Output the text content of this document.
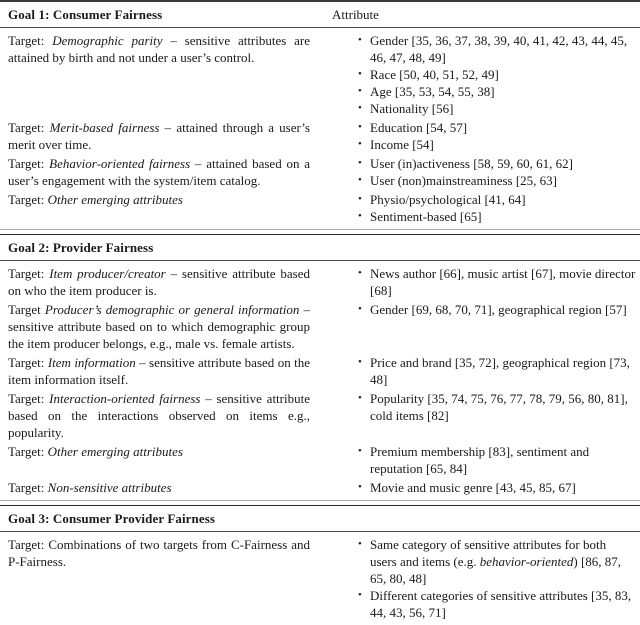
Goal 1: Consumer Fairness	Attribute

Target: Demographic parity – sensitive attributes are attained by birth and not under a user’s control.

• Gender [35, 36, 37, 38, 39, 40, 41, 42, 43, 44, 45, 46, 47, 48, 49]
• Race [50, 40, 51, 52, 49]
• Age [35, 53, 54, 55, 38]
• Nationality [56]

Target: Merit-based fairness – attained through a user’s merit over time.

• Education [54, 57]
• Income [54]

Target: Behavior-oriented fairness – attained based on a user’s engagement with the system/item catalog.

• User (in)activeness [58, 59, 60, 61, 62]
• User (non)mainstreaminess [25, 63]

Target: Other emerging attributes	• Physio/psychological [41, 64]
• Sentiment-based [65]
Goal 2: Provider Fairness

Target: Item producer/creator – sensitive attribute based on who the item producer is.

• News author [66], music artist [67], movie director [68]

Target Producer’s demographic or general information – sensitive attribute based on to which demographic group the item producer belongs, e.g., male vs. female artists.

• Gender [69, 68, 70, 71], geographical region [57]

Target: Item information – sensitive attribute based on the item information itself.

• Price and brand [35, 72], geographical region [73, 48]

Target: Interaction-oriented fairness – sensitive attribute based on the interactions observed on items e.g., popularity.

• Popularity [35, 74, 75, 76, 77, 78, 79, 56, 80, 81], cold items [82]

Target: Other emerging attributes	• Premium membership [83], sentiment and reputation [65, 84]

Target: Non-sensitive attributes	• Movie and music genre [43, 45, 85, 67]
Goal 3: Consumer Provider Fairness

Target: Combinations of two targets from C-Fairness and P-Fairness.

• Same category of sensitive attributes for both users and items (e.g. behavior-oriented) [86, 87, 65, 80, 48]
• Different categories of sensitive attributes [35, 83, 44, 43, 56, 71]
